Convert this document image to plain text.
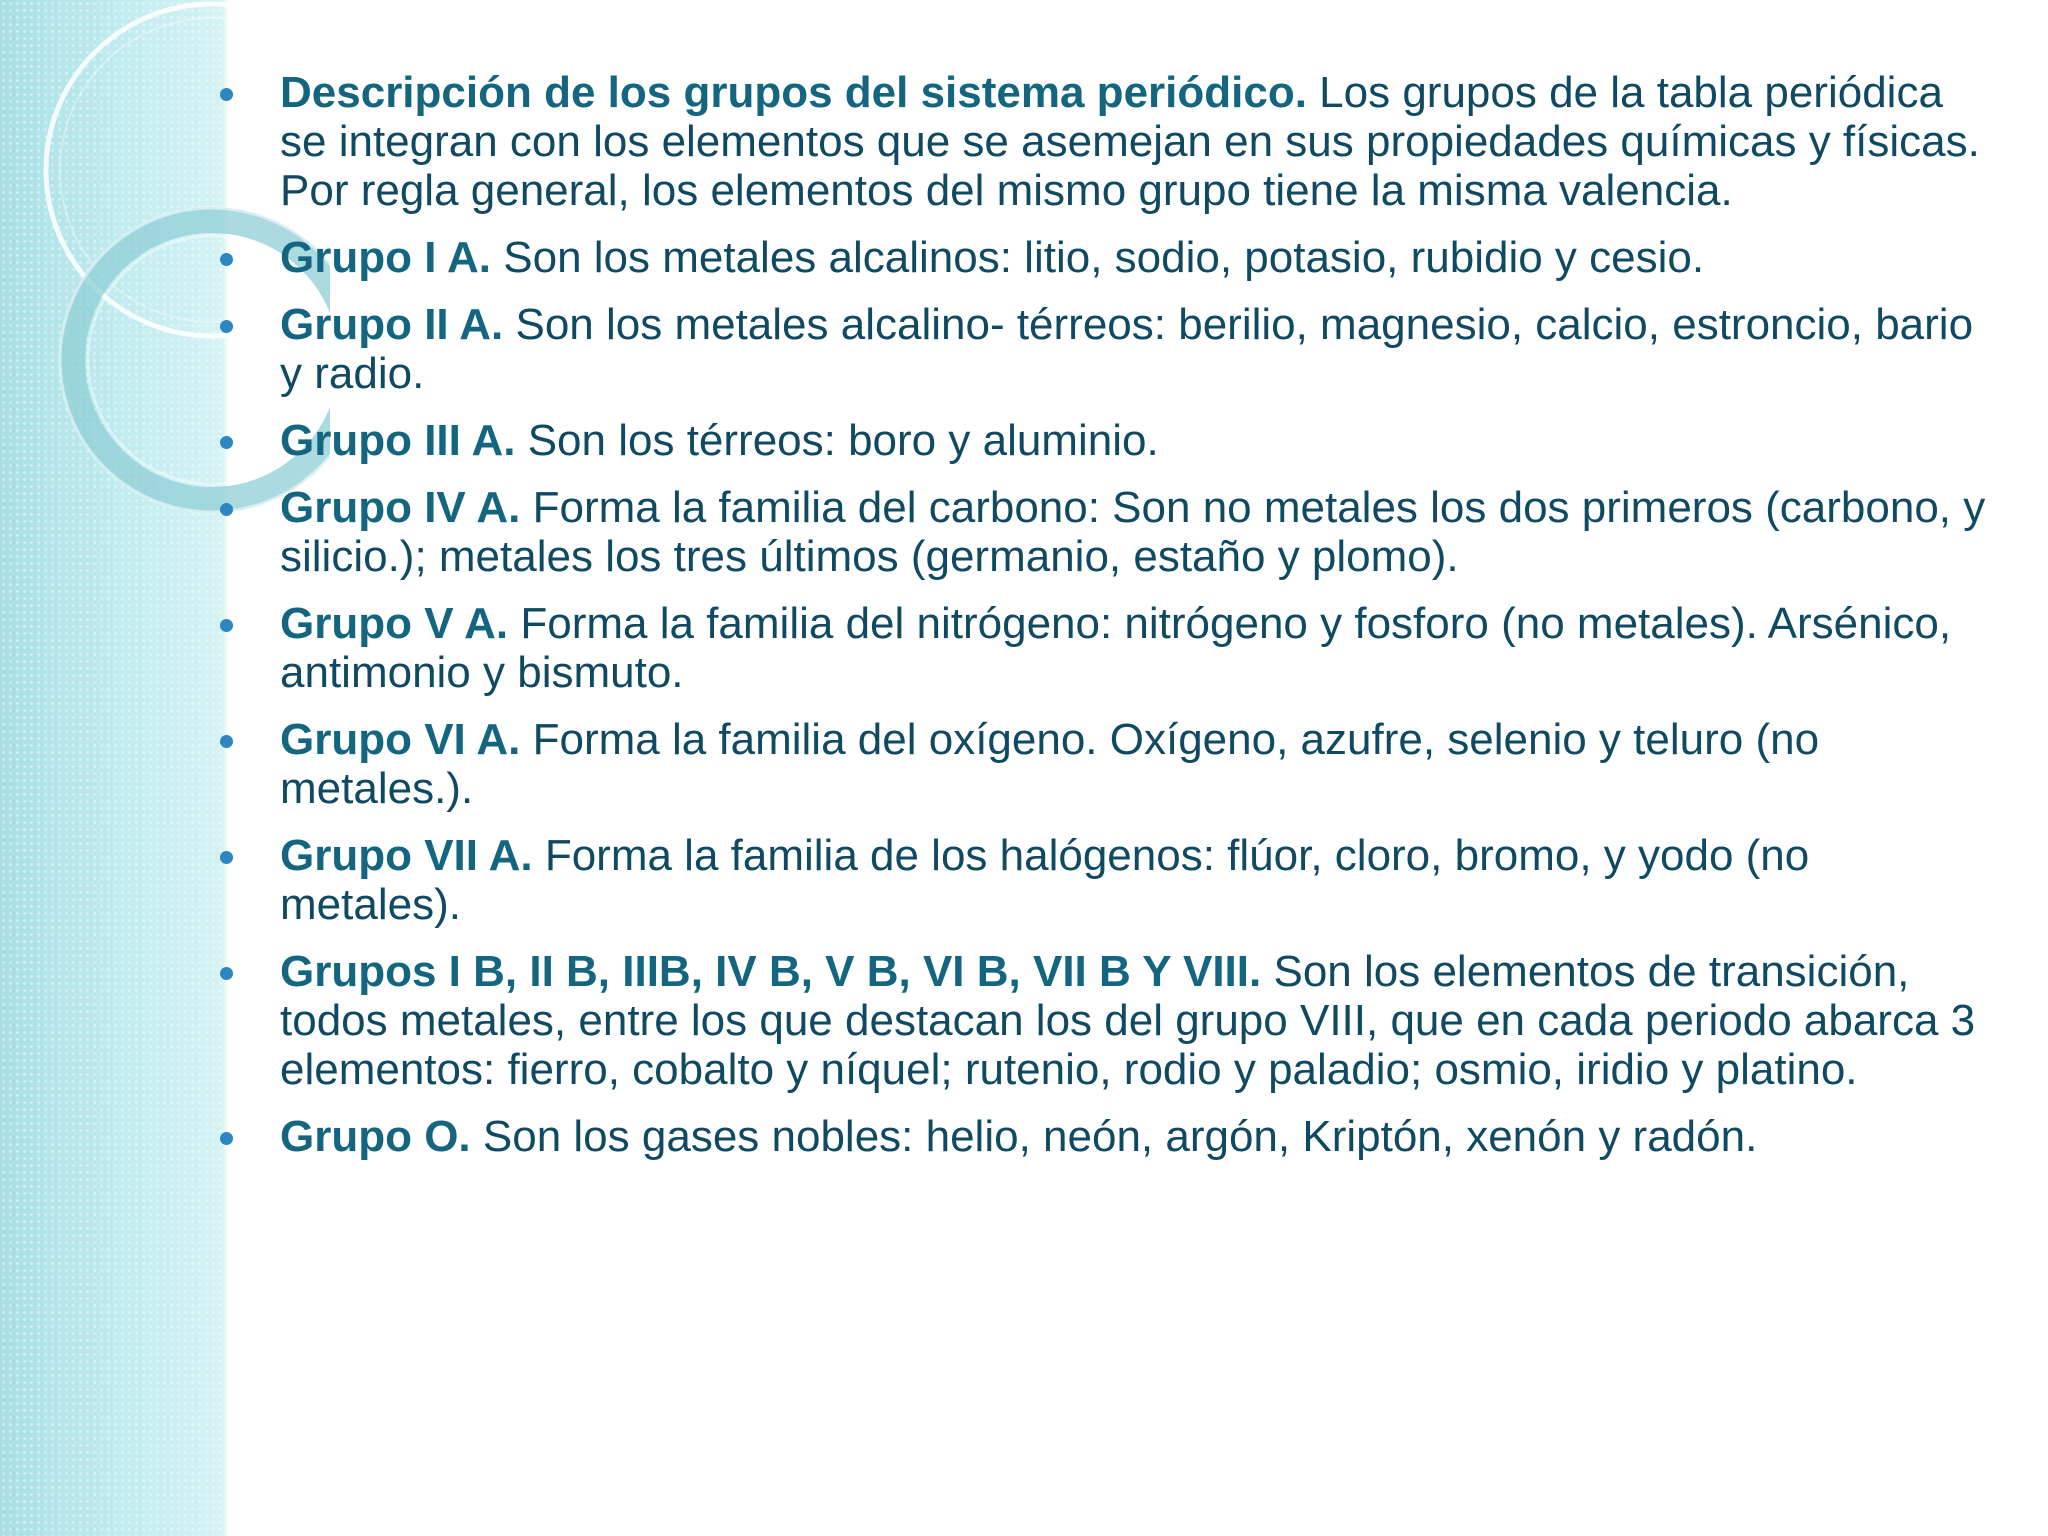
Descripción de los grupos del sistema periódico. Los grupos de la tabla periódica se integran con los elementos que se asemejan en sus propiedades químicas y físicas. Por regla general, los elementos del mismo grupo tiene la misma valencia.
Grupo I A. Son los metales alcalinos: litio, sodio, potasio, rubidio y cesio.
Grupo II A. Son los metales alcalino- térreos: berilio, magnesio, calcio, estroncio, bario y radio.
Grupo III A. Son los térreos: boro y aluminio.
Grupo IV A. Forma la familia del carbono: Son no metales los dos primeros (carbono, y silicio.); metales los tres últimos (germanio, estaño y plomo).
Grupo V A. Forma la familia del nitrógeno: nitrógeno y fosforo (no metales). Arsénico, antimonio y bismuto.
Grupo VI A. Forma la familia del oxígeno. Oxígeno, azufre, selenio y teluro (no metales.).
Grupo VII A. Forma la familia de los halógenos: flúor, cloro, bromo, y yodo (no metales).
Grupos I B, II B, IIIB, IV B, V B, VI B, VII B Y VIII. Son los elementos de transición, todos metales, entre los que destacan los del grupo VIII, que en cada periodo abarca 3 elementos: fierro, cobalto y níquel; rutenio, rodio y paladio; osmio, iridio y platino.
Grupo O. Son los gases nobles: helio, neón, argón, Kriptón, xenón y radón.
